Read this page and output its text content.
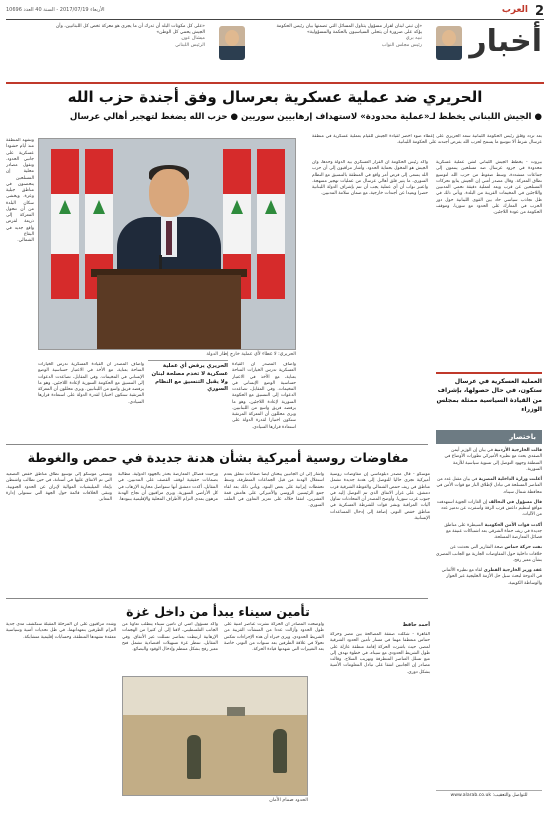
2
العرب
الأربعاء 2017/07/19 - السنة 40 العدد 10696
أخبار
«إن تبني لبنان لقرار مسؤول يتناول المسائل التي تضمنها بيان رئيس الحكومة يؤكد على ضرورة أن يتحلى السياسيون بالحكمة والمسؤولية»
نبيه بري
رئيس مجلس النواب
«على كل مكونات البلد أن تدرك أن ما يجري هو معركة تخص كل اللبنانيين، وأن الجيش يحمي كل الوطن»
ميشال عون
الرئيس اللبناني
الحريري ضد عملية عسكرية بعرسال وفق أجندة حزب الله
● الجيش اللبناني يخطط لـ«عملية محدودة» لاستهداف إرهابيين سوريين ● حزب الله يضغط لتهجير أهالي عرسال
بعد تردد وقلق رئيس الحكومة اللبنانية سعد الحريري على إعطاء ضوء أخضر لقيادة الجيش للقيام بعملية عسكرية في منطقة عرسال شرط ألا تتوسع ما يسمح لحزب الله بفرض أجندته على الحكومة اللبنانية.
بيروت - يخطط الجيش اللبناني لشن عملية عسكرية محدودة في جرود عرسال ضد مسلحين ينتمون إلى جماعات متشددة، وسط ضغوط من حزب الله لتوسيع نطاق المعركة. وقال مصدر أمني إن الجيش يتابع تحركات المسلحين عن قرب ويعد لعملية دقيقة تحمي المدنيين واللاجئين في المخيمات القريبة من البلدة. ويأتي ذلك في ظل تجاذب سياسي حاد بين القوى اللبنانية حول دور الحزب في المعارك على الحدود مع سوريا، وموقف الحكومة من عودة اللاجئين.
وأكد رئيس الحكومة أن القرار العسكري بيد الدولة وحدها، وأن الجيش هو المخول بحماية الحدود. وأشار مراقبون إلى أن حزب الله يسعى إلى فرض أمر واقع في المنطقة بالتنسيق مع النظام السوري، ما يثير قلق أهالي عرسال من عمليات تهجير ممنهجة. واعتبر نواب أن أي عملية يجب أن تتم بإشراف الدولة اللبنانية حصرا وبعيدا عن أجندات خارجية، مع ضمان سلامة المدنيين.
الحريري: لا غطاء لأي عملية خارج إطار الدولة
وتشهد المنطقة منذ أيام حشودا عسكرية على جانبي الحدود. وتقول مصادر محلية إن المسلحين يتحصنون في مناطق جبلية وعرة. ويخشى سكان البلدة من أن تتحول المعركة إلى ذريعة لفرض واقع جديد في البقاع الشمالي.
وأضاف المصدر أن القيادة العسكرية تدرس الخيارات المتاحة بعناية، مع الأخذ في الاعتبار حساسية الوضع الإنساني في المخيمات. وفي المقابل، تصاعدت الدعوات إلى التنسيق مع الحكومة السورية لإعادة اللاجئين، وهو ما يرفضه فريق واسع من اللبنانيين. ويرى محللون أن المعركة المرتقبة ستكون اختبارا لقدرة الدولة على استعادة قرارها السيادي.
الحريري يرفض أي عملية عسكرية لا تخدم مصلحة لبنان ولا يقبل التنسيق مع النظام السوري
وأضاف المصدر أن القيادة العسكرية تدرس الخيارات المتاحة بعناية، مع الأخذ في الاعتبار حساسية الوضع الإنساني في المخيمات. وفي المقابل، تصاعدت الدعوات إلى التنسيق مع الحكومة السورية لإعادة اللاجئين، وهو ما يرفضه فريق واسع من اللبنانيين. ويرى محللون أن المعركة المرتقبة ستكون اختبارا لقدرة الدولة على استعادة قرارها السيادي.
العملية العسكرية في عرسال ستكون، في حال حصولها، بإشراف من القيادة السياسية ممثلة بمجلس الوزراء
باختصار
قالت الخارجية الأردنية في بيان إن الوزير أيمن الصفدي بحث مع نظيره الأميركي تطورات الأوضاع في المنطقة وجهود التوصل إلى تسوية سياسية للأزمة السورية.
أعلنت وزارة الداخلية المصرية في بيان مقتل عدد من العناصر المسلحة في تبادل لإطلاق النار مع قوات الأمن في محافظة شمال سيناء.
قال مسؤول في التحالف إن الغارات الجوية استهدفت مواقع لتنظيم داعش قرب الرقة وأسفرت عن تدمير عدد من الآليات.
أكدت قوات الأمن الحكومية السيطرة على مناطق جديدة في ريف حماة الشرقي بعد اشتباكات عنيفة مع فصائل المعارضة المسلحة.
نفت حركة حماس صحة التقارير التي تحدثت عن خلافات داخلية حول المفاوضات الجارية مع الجانب المصري بشأن معبر رفح.
عقد وزير الخارجية القطري لقاء مع نظيره الألماني في الدوحة لبحث سبل حل الأزمة الخليجية عبر الحوار والوساطة الكويتية.
للتواصل والتعقيب: www.alarab.co.uk
مفاوضات روسية أميركية بشأن هدنة جديدة في حمص والغوطة
موسكو - قال مصدر دبلوماسي إن مفاوضات روسية أميركية تجري حاليا للتوصل إلى هدنة جديدة تشمل مناطق في ريف حمص الشمالي والغوطة الشرقية قرب دمشق، على غرار الاتفاق الذي تم التوصل إليه في جنوب غرب سوريا. وأوضح المصدر أن المحادثات تتناول آليات المراقبة ونشر قوات للشرطة العسكرية في مناطق خفض التوتر، إضافة إلى إدخال المساعدات الإنسانية.
وأشار إلى أن الجانبين يبحثان أيضا ضمانات تتعلق بعدم استغلال الهدنة من قبل الجماعات المتطرفة، وسط تحفظات إيرانية على بعض البنود. ويأتي ذلك بعد لقاء جمع الرئيسين الروسي والأميركي على هامش قمة العشرين، اتفقا خلاله على تعزيز التعاون في الملف السوري.
ورحبت فصائل المعارضة بحذر بالجهود الدولية، مطالبة بضمانات حقيقية لوقف القصف على المدنيين. في المقابل، أكدت دمشق أنها ستواصل محاربة الإرهاب في كل الأراضي السورية. ويرى مراقبون أن نجاح الهدنة مرهون بمدى التزام الأطراف المحلية والإقليمية ببنودها.
وتسعى موسكو إلى توسيع نطاق مناطق خفض التصعيد التي تم الاتفاق عليها في أستانة، في حين تطالب واشنطن بإبعاد الميليشيات الموالية لإيران عن الحدود الجنوبية. وتبقى الخلافات قائمة حول الجهة التي ستتولى إدارة المعابر.
تأمين سيناء يبدأ من داخل غزة
أحمد حافظ
القاهرة - شكلت صفقة المصالحة بين مصر وحركة حماس منعطفا مهما في مسار تأمين الحدود الشرقية لمصر، حيث باشرت الحركة إقامة منطقة عازلة على طول الشريط الحدودي مع سيناء، في خطوة تهدف إلى منع تسلل العناصر المتطرفة وتهريب السلاح. وقالت مصادر إن الجانبين اتفقا على تبادل المعلومات الأمنية بشكل دوري.
وأوضحت المصادر أن الحركة نشرت عناصر أمنية على طول الحدود وأزالت عددا من المنشآت القريبة من الشريط الحدودي. ويرى خبراء أن هذه الإجراءات تعكس تحولا في علاقة الطرفين بعد سنوات من التوتر، خاصة بعد التغييرات التي شهدتها قيادة الحركة.
وأكد مسؤول أمني أن تأمين سيناء يتطلب تعاونا من الجانب الفلسطيني، لافتا إلى أن كثيرا من الهجمات الإرهابية ارتبطت بعناصر تسللت عبر الأنفاق. وفي المقابل، تنتظر غزة تسهيلات اقتصادية تشمل فتح معبر رفح بشكل منتظم وإدخال الوقود والبضائع.
وشدد مراقبون على أن المرحلة المقبلة ستكشف مدى جدية التزام الطرفين بتعهداتهما، في ظل تحديات أمنية وسياسية معقدة تشهدها المنطقة، وحسابات إقليمية متشابكة.
الحدود صمام الأمان
